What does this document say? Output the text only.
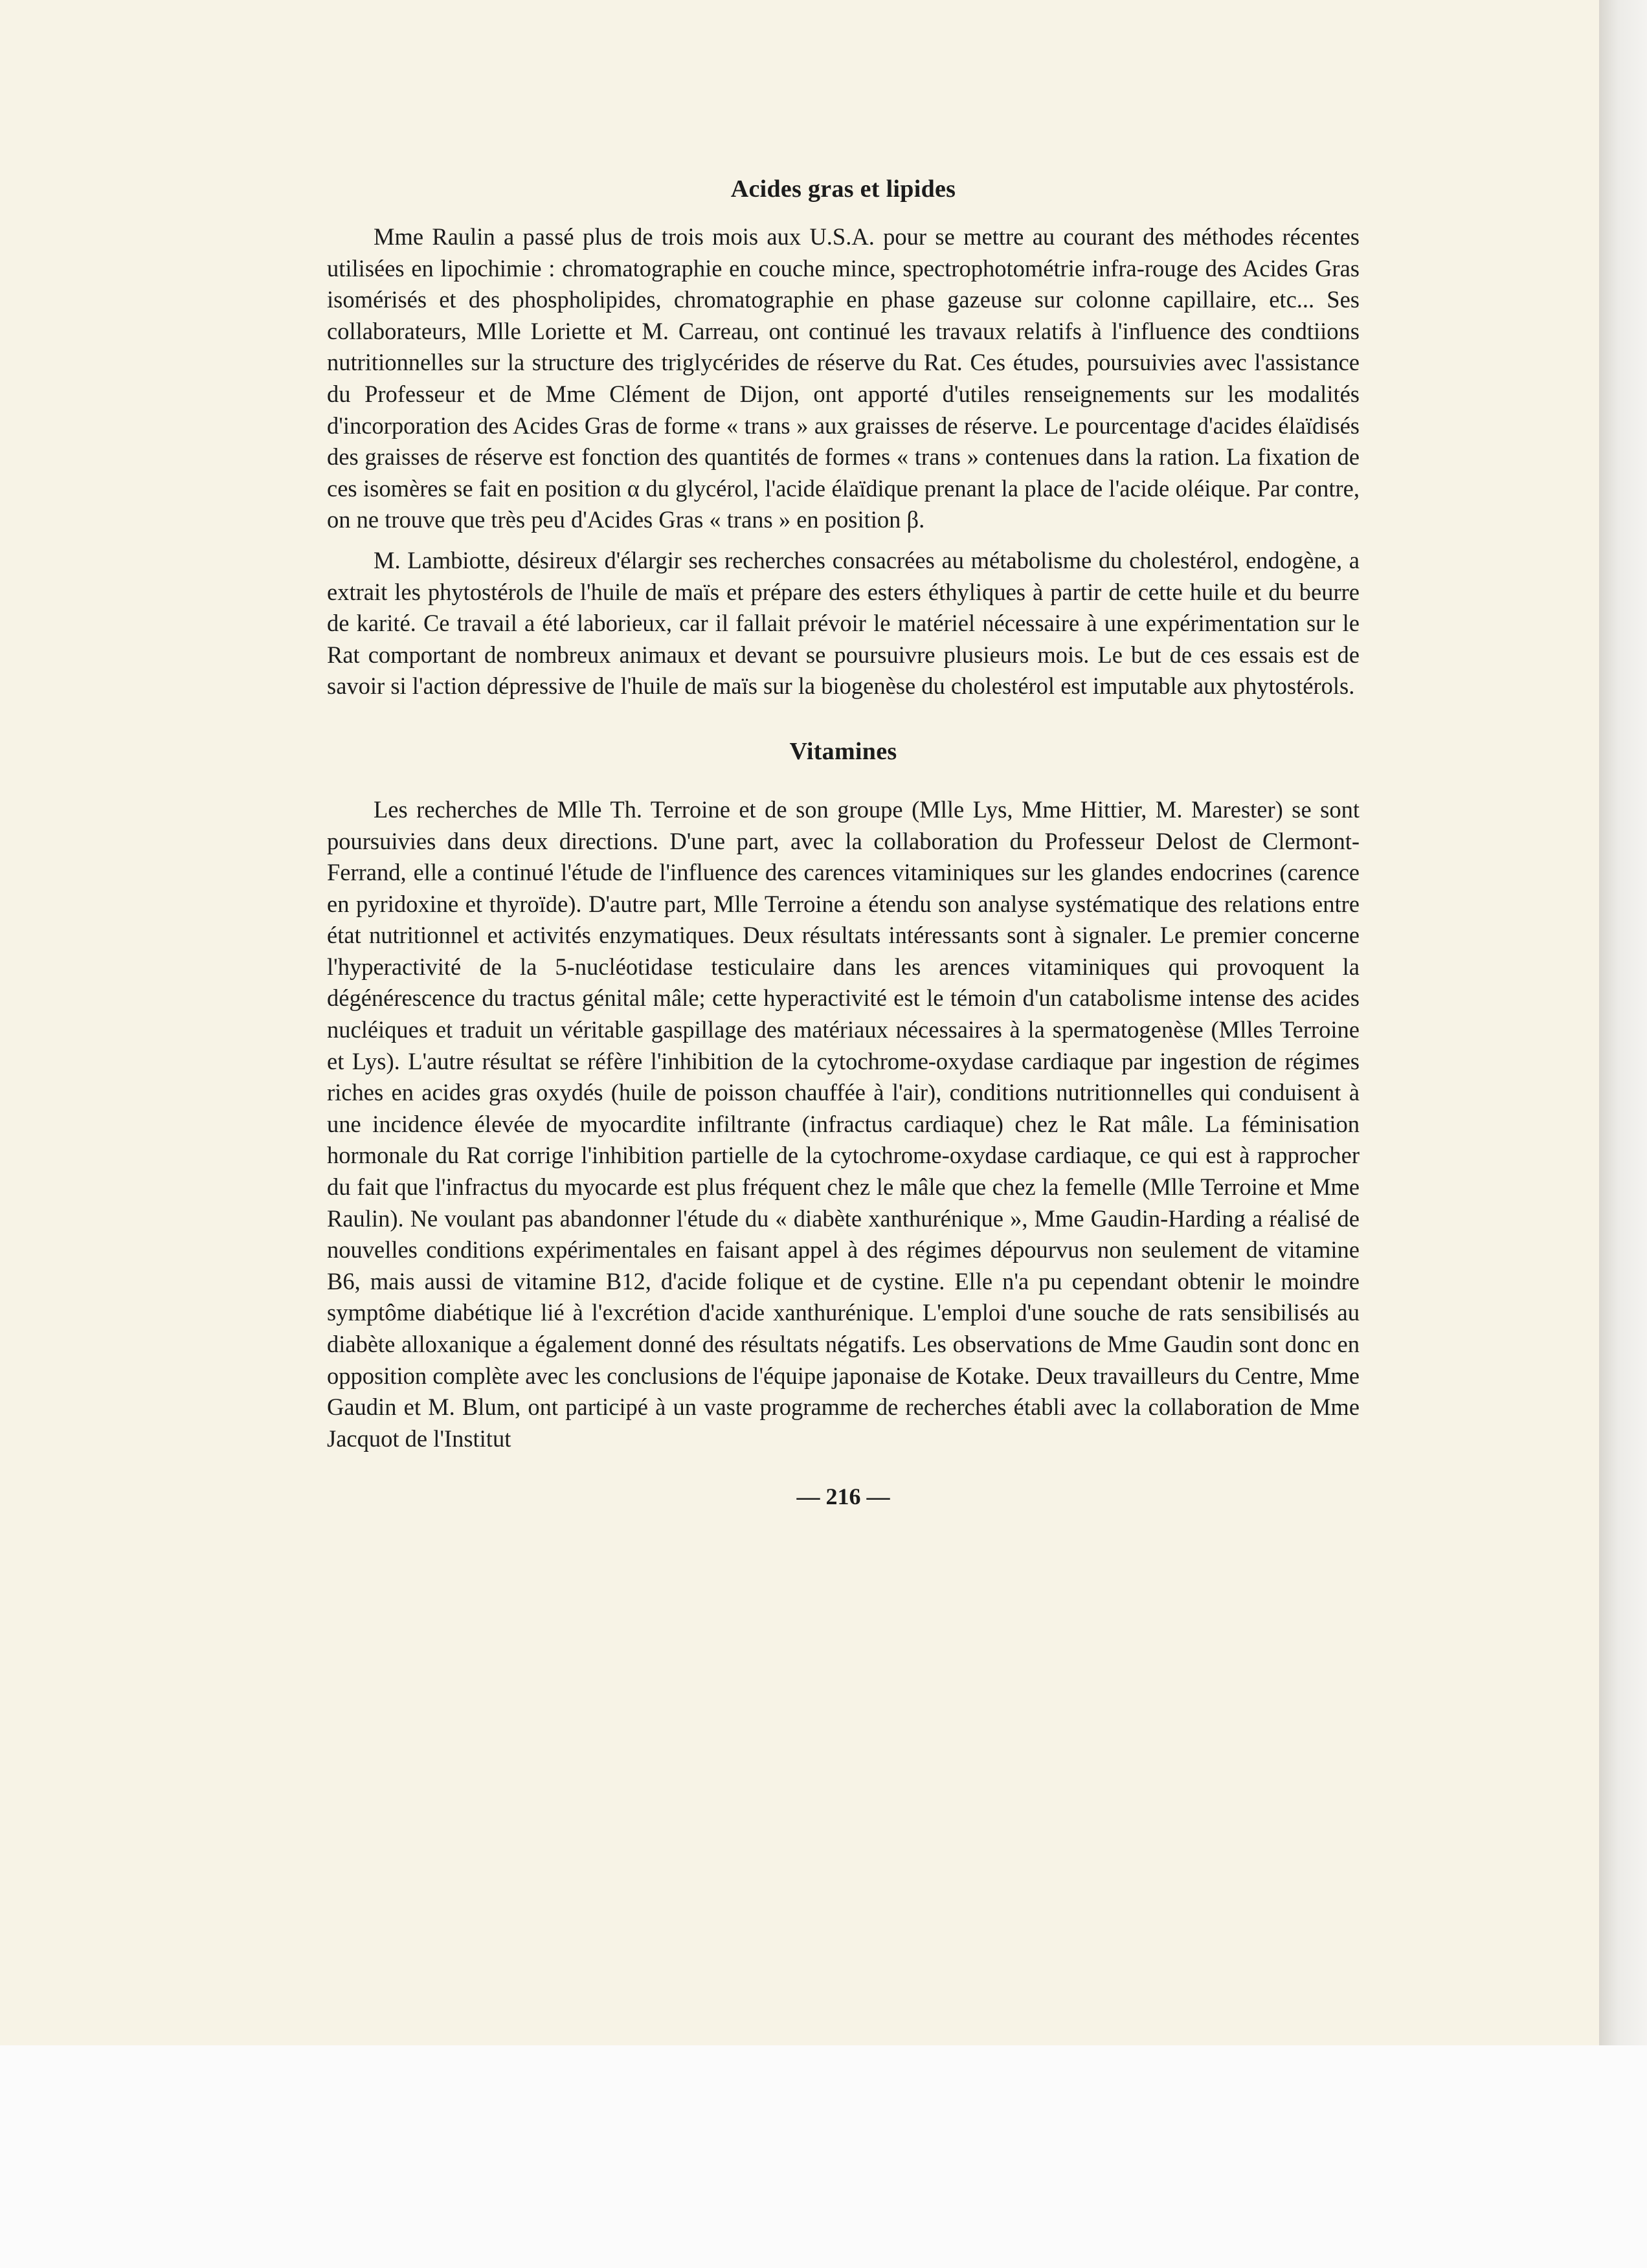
Acides gras et lipides

Mme Raulin a passé plus de trois mois aux U.S.A. pour se mettre au courant des méthodes récentes utilisées en lipochimie : chromatographie en couche mince, spectrophotométrie infra-rouge des Acides Gras isomérisés et des phospholipides, chromatographie en phase gazeuse sur colonne capillaire, etc... Ses collaborateurs, Mlle Loriette et M. Carreau, ont continué les travaux relatifs à l'influence des condtiions nutritionnelles sur la structure des triglycérides de réserve du Rat. Ces études, poursuivies avec l'assistance du Professeur et de Mme Clément de Dijon, ont apporté d'utiles renseignements sur les modalités d'incorporation des Acides Gras de forme « trans » aux graisses de réserve. Le pourcentage d'acides élaïdisés des graisses de réserve est fonction des quantités de formes « trans » contenues dans la ration. La fixation de ces isomères se fait en position α du glycérol, l'acide élaïdique prenant la place de l'acide oléique. Par contre, on ne trouve que très peu d'Acides Gras « trans » en position β.

M. Lambiotte, désireux d'élargir ses recherches consacrées au métabolisme du cholestérol, endogène, a extrait les phytostérols de l'huile de maïs et prépare des esters éthyliques à partir de cette huile et du beurre de karité. Ce travail a été laborieux, car il fallait prévoir le matériel nécessaire à une expérimentation sur le Rat comportant de nombreux animaux et devant se poursuivre plusieurs mois. Le but de ces essais est de savoir si l'action dépressive de l'huile de maïs sur la biogenèse du cholestérol est imputable aux phytostérols.

Vitamines

Les recherches de Mlle Th. Terroine et de son groupe (Mlle Lys, Mme Hittier, M. Marester) se sont poursuivies dans deux directions. D'une part, avec la collaboration du Professeur Delost de Clermont-Ferrand, elle a continué l'étude de l'influence des carences vitaminiques sur les glandes endocrines (carence en pyridoxine et thyroïde). D'autre part, Mlle Terroine a étendu son analyse systématique des relations entre état nutritionnel et activités enzymatiques. Deux résultats intéressants sont à signaler. Le premier concerne l'hyperactivité de la 5-nucléotidase testiculaire dans les arences vitaminiques qui provoquent la dégénérescence du tractus génital mâle; cette hyperactivité est le témoin d'un catabolisme intense des acides nucléiques et traduit un véritable gaspillage des matériaux nécessaires à la spermatogenèse (Mlles Terroine et Lys). L'autre résultat se réfère l'inhibition de la cytochrome-oxydase cardiaque par ingestion de régimes riches en acides gras oxydés (huile de poisson chauffée à l'air), conditions nutritionnelles qui conduisent à une incidence élevée de myocardite infiltrante (infractus cardiaque) chez le Rat mâle. La féminisation hormonale du Rat corrige l'inhibition partielle de la cytochrome-oxydase cardiaque, ce qui est à rapprocher du fait que l'infractus du myocarde est plus fréquent chez le mâle que chez la femelle (Mlle Terroine et Mme Raulin). Ne voulant pas abandonner l'étude du « diabète xanthurénique », Mme Gaudin-Harding a réalisé de nouvelles conditions expérimentales en faisant appel à des régimes dépourvus non seulement de vitamine B6, mais aussi de vitamine B12, d'acide folique et de cystine. Elle n'a pu cependant obtenir le moindre symptôme diabétique lié à l'excrétion d'acide xanthurénique. L'emploi d'une souche de rats sensibilisés au diabète alloxanique a également donné des résultats négatifs. Les observations de Mme Gaudin sont donc en opposition complète avec les conclusions de l'équipe japonaise de Kotake. Deux travailleurs du Centre, Mme Gaudin et M. Blum, ont participé à un vaste programme de recherches établi avec la collaboration de Mme Jacquot de l'Institut

— 216 —
